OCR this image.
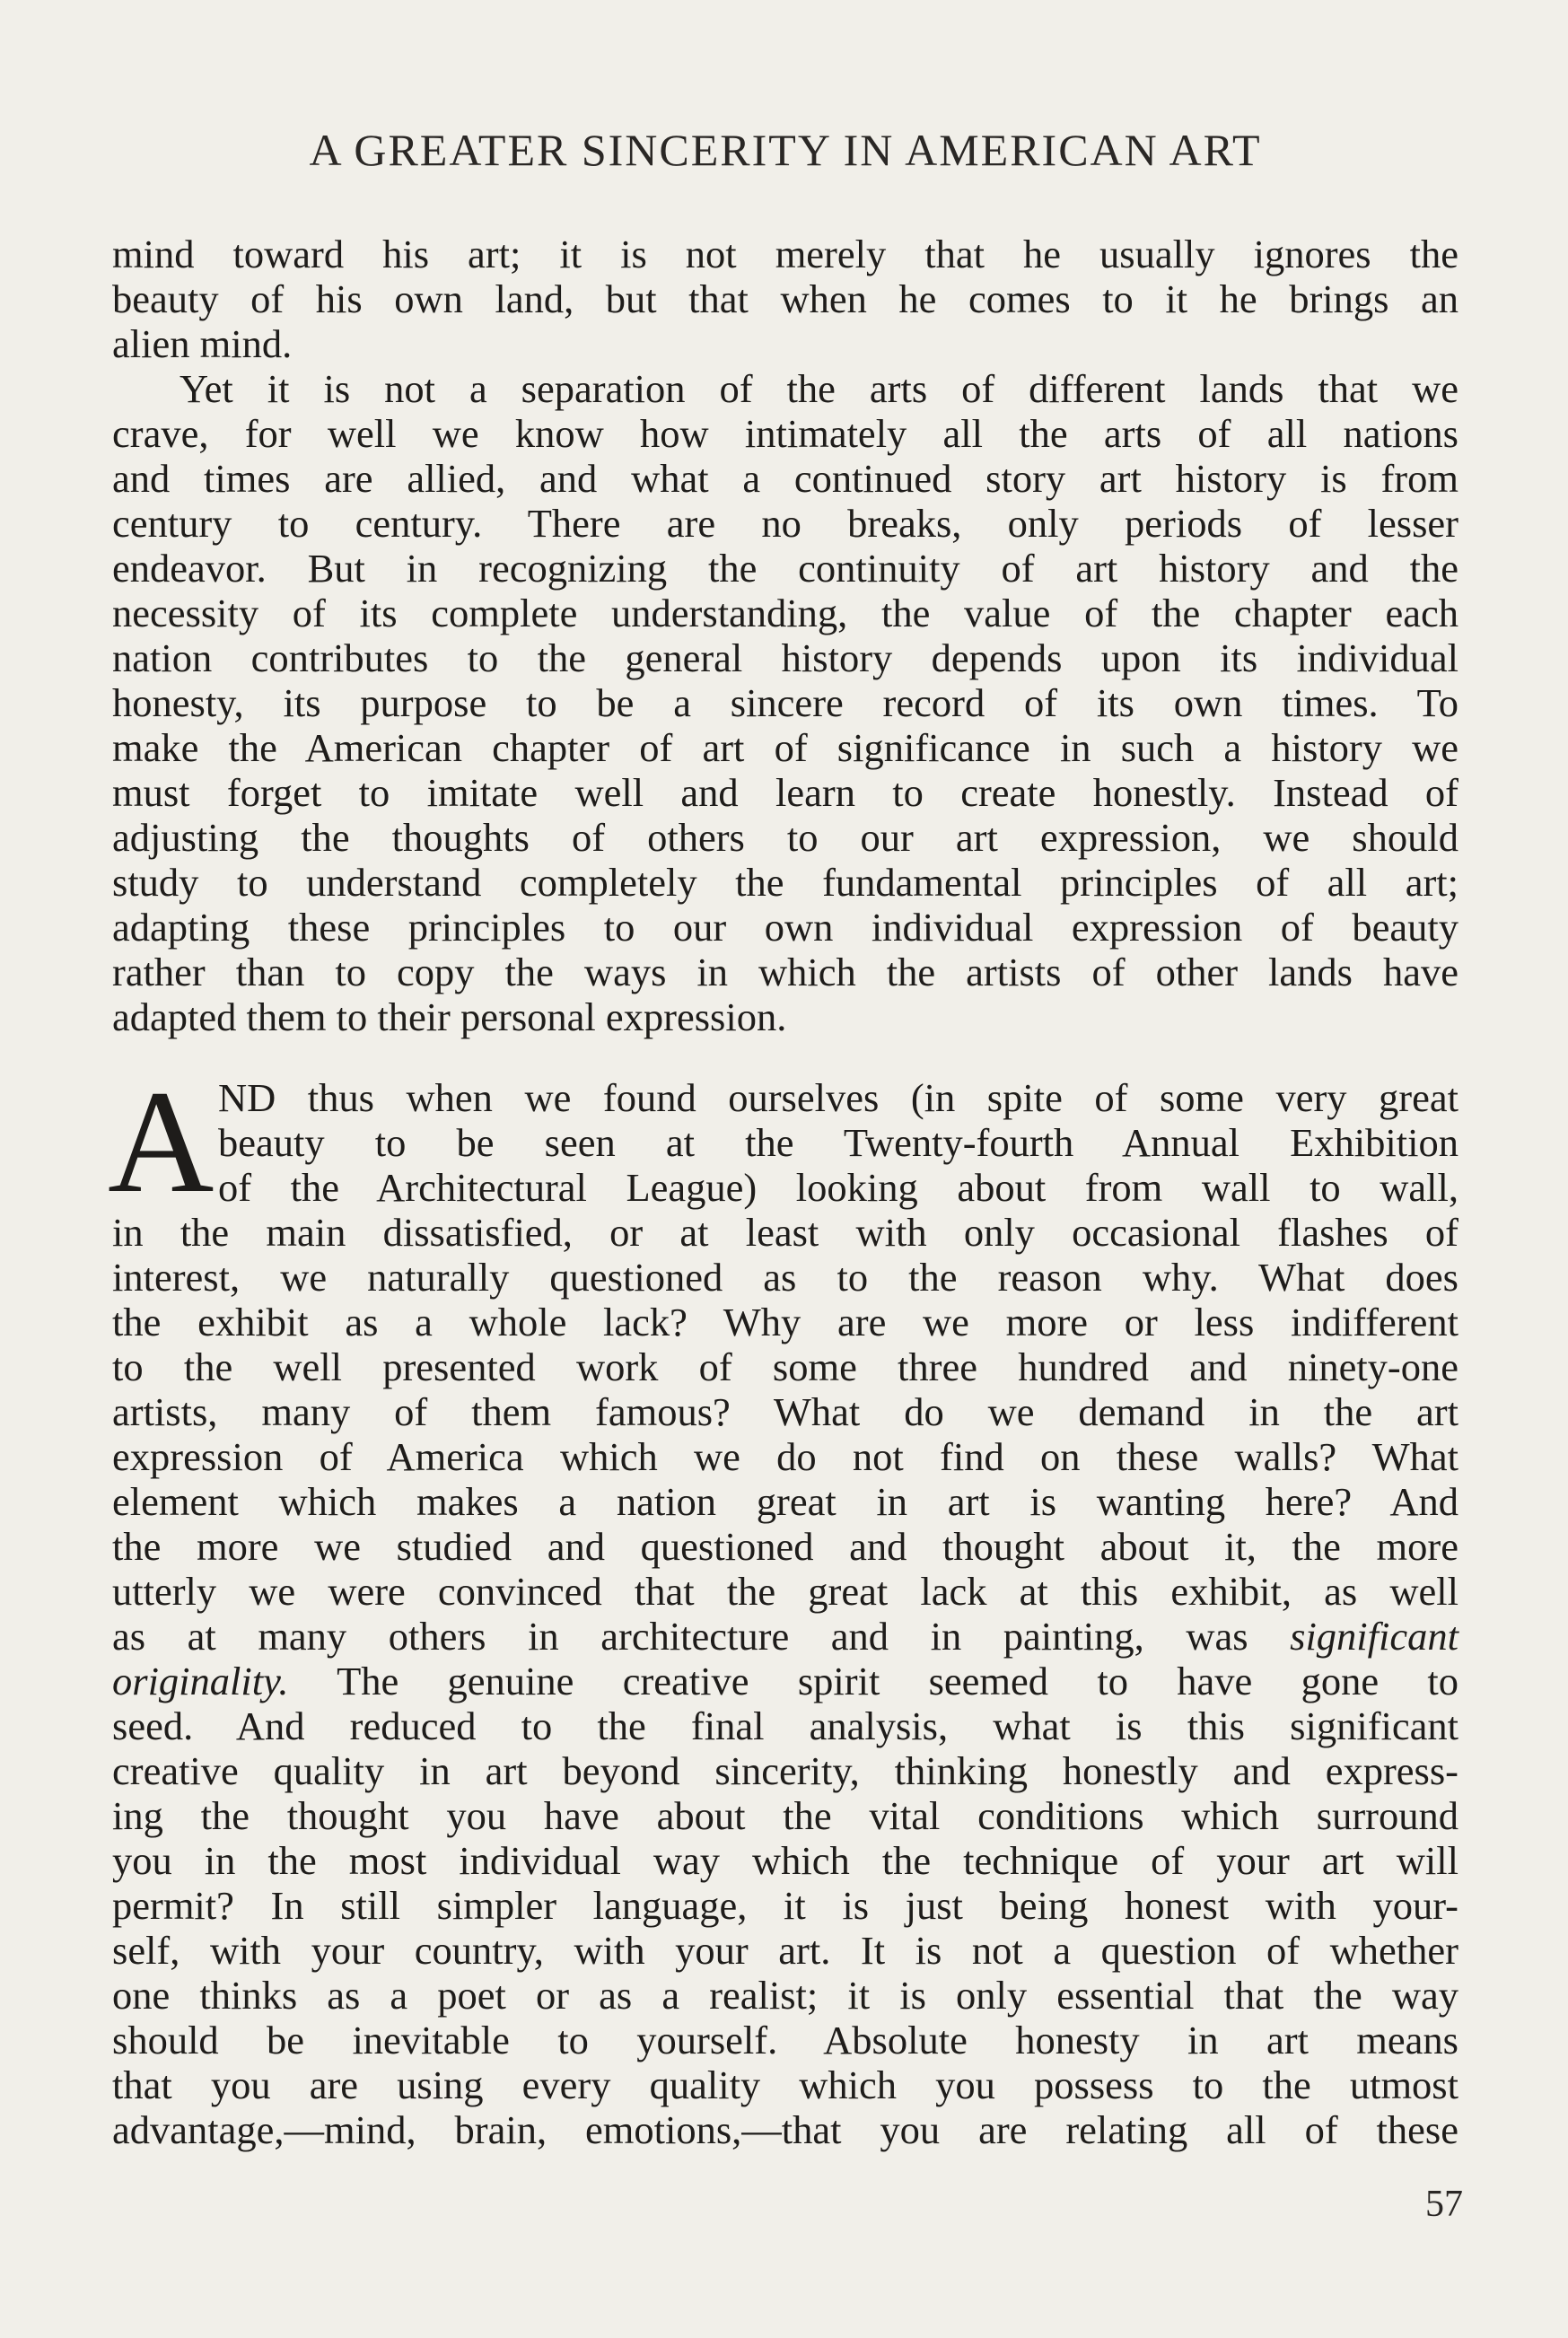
A GREATER SINCERITY IN AMERICAN ART
mind toward his art; it is not merely that he usually ignores the
beauty of his own land, but that when he comes to it he brings an
alien mind.
Yet it is not a separation of the arts of different lands that we
crave, for well we know how intimately all the arts of all nations
and times are allied, and what a continued story art history is from
century to century. There are no breaks, only periods of lesser
endeavor. But in recognizing the continuity of art history and the
necessity of its complete understanding, the value of the chapter each
nation contributes to the general history depends upon its individual
honesty, its purpose to be a sincere record of its own times. To
make the American chapter of art of significance in such a history we
must forget to imitate well and learn to create honestly. Instead of
adjusting the thoughts of others to our art expression, we should
study to understand completely the fundamental principles of all art;
adapting these principles to our own individual expression of beauty
rather than to copy the ways in which the artists of other lands have
adapted them to their personal expression.
A ND thus when we found ourselves (in spite of some very great
beauty to be seen at the Twenty-fourth Annual Exhibition
of the Architectural League) looking about from wall to wall,
in the main dissatisfied, or at least with only occasional flashes of
interest, we naturally questioned as to the reason why. What does
the exhibit as a whole lack? Why are we more or less indifferent
to the well presented work of some three hundred and ninety-one
artists, many of them famous? What do we demand in the art
expression of America which we do not find on these walls? What
element which makes a nation great in art is wanting here? And
the more we studied and questioned and thought about it, the more
utterly we were convinced that the great lack at this exhibit, as well
as at many others in architecture and in painting, was significant
originality. The genuine creative spirit seemed to have gone to
seed. And reduced to the final analysis, what is this significant
creative quality in art beyond sincerity, thinking honestly and express-
ing the thought you have about the vital conditions which surround
you in the most individual way which the technique of your art will
permit? In still simpler language, it is just being honest with your-
self, with your country, with your art. It is not a question of whether
one thinks as a poet or as a realist; it is only essential that the way
should be inevitable to yourself. Absolute honesty in art means
that you are using every quality which you possess to the utmost
advantage,—mind, brain, emotions,—that you are relating all of these
57
